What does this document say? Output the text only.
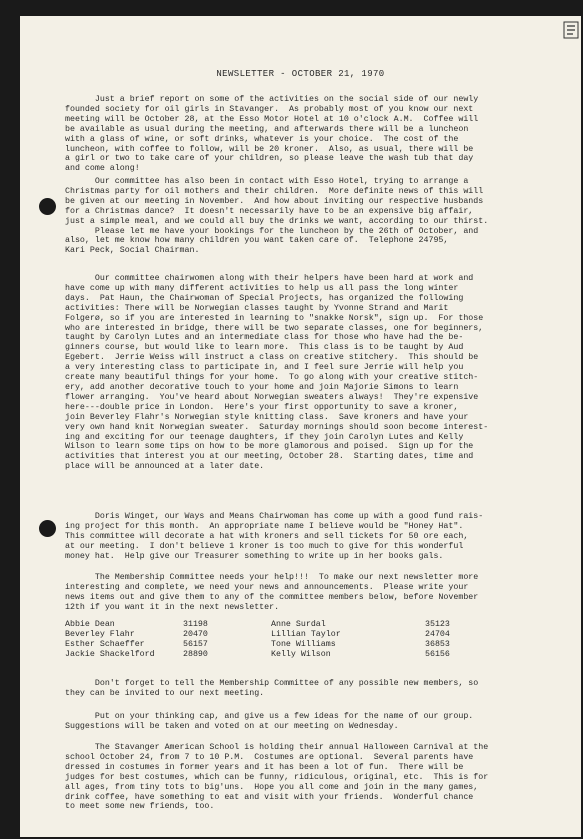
NEWSLETTER - OCTOBER 21, 1970

Just a brief report on some of the activities on the social side of our newly
founded society for oil girls in Stavanger.  As probably most of you know our next
meeting will be October 28, at the Esso Motor Hotel at 10 o'clock A.M.  Coffee will
be available as usual during the meeting, and afterwards there will be a luncheon
with a glass of wine, or soft drinks, whatever is your choice.  The cost of the
luncheon, with coffee to follow, will be 20 kroner.  Also, as usual, there will be
a girl or two to take care of your children, so please leave the wash tub that day
and come along!

Our committee has also been in contact with Esso Hotel, trying to arrange a
Christmas party for oil mothers and their children.  More definite news of this will
be given at our meeting in November.  And how about inviting our respective husbands
for a Christmas dance?  It doesn't necessarily have to be an expensive big affair,
just a simple meal, and we could all buy the drinks we want, according to our thirst.
Please let me have your bookings for the luncheon by the 26th of October, and
also, let me know how many children you want taken care of.  Telephone 24795,
Kari Peck, Social Chairman.

Our committee chairwomen along with their helpers have been hard at work and
have come up with many different activities to help us all pass the long winter
days.  Pat Haun, the Chairwoman of Special Projects, has organized the following
activities: There will be Norwegian classes taught by Yvonne Strand and Marit
Folgerø, so if you are interested in learning to "snakke Norsk", sign up.  For those
who are interested in bridge, there will be two separate classes, one for beginners,
taught by Carolyn Lutes and an intermediate class for those who have had the be-
ginners course, but would like to learn more.  This class is to be taught by Aud
Egebert.  Jerrie Weiss will instruct a class on creative stitchery.  This should be
a very interesting class to participate in, and I feel sure Jerrie will help you
create many beautiful things for your home.  To go along with your creative stitch-
ery, add another decorative touch to your home and join Majorie Simons to learn
flower arranging.  You've heard about Norwegian sweaters always!  They're expensive
here---double price in London.  Here's your first opportunity to save a kroner,
join Beverley Flahr's Norwegian style knitting class.  Save kroners and have your
very own hand knit Norwegian sweater.  Saturday mornings should soon become interest-
ing and exciting for our teenage daughters, if they join Carolyn Lutes and Kelly
Wilson to learn some tips on how to be more glamorous and poised.  Sign up for the
activities that interest you at our meeting, October 28.  Starting dates, time and
place will be announced at a later date.

Doris Winget, our Ways and Means Chairwoman has come up with a good fund rais-
ing project for this month.  An appropriate name I believe would be "Honey Hat".
This committee will decorate a hat with kroners and sell tickets for 50 ore each,
at our meeting.  I don't believe 1 kroner is too much to give for this wonderful
money hat.  Help give our Treasurer something to write up in her books gals.

The Membership Committee needs your help!!!  To make our next newsletter more
interesting and complete, we need your news and announcements.  Please write your
news items out and give them to any of the committee members below, before November
12th if you want it in the next newsletter.

Abbie Dean	31198	Anne Surdal	35123
Beverley Flahr	20470	Lillian Taylor	24704
Esther Schaeffer	56157	Tone Williams	36853
Jackie Shackelford	28890	Kelly Wilson	56156

Don't forget to tell the Membership Committee of any possible new members, so
they can be invited to our next meeting.

Put on your thinking cap, and give us a few ideas for the name of our group.
Suggestions will be taken and voted on at our meeting on Wednesday.

The Stavanger American School is holding their annual Halloween Carnival at the
school October 24, from 7 to 10 P.M.  Costumes are optional.  Several parents have
dressed in costumes in former years and it has been a lot of fun.  There will be
judges for best costumes, which can be funny, ridiculous, original, etc.  This is for
all ages, from tiny tots to big'uns.  Hope you all come and join in the many games,
drink coffee, have something to eat and visit with your friends.  Wonderful chance
to meet some new friends, too.
